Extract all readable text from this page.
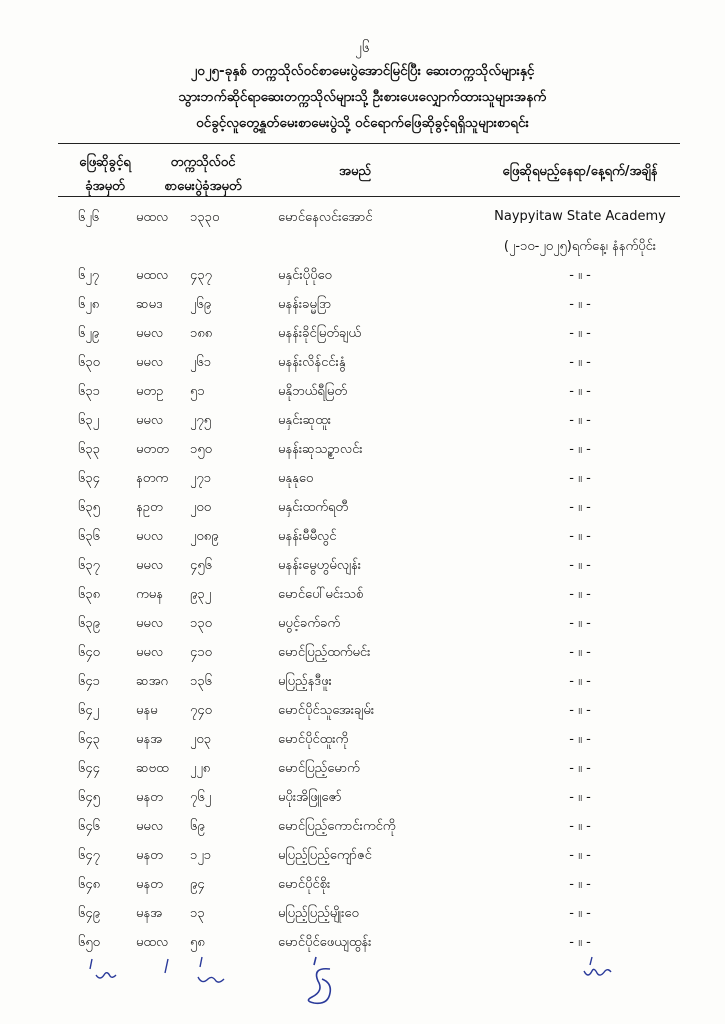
၂၆
၂၀၂၅-ခုနှစ် တက္ကသိုလ်ဝင်စာမေးပွဲအောင်မြင်ပြီး ဆေးတက္ကသိုလ်များနှင့်
သွားဘက်ဆိုင်ရာဆေးတက္ကသိုလ်များသို့ ဦးစားပေးလျှောက်ထားသူများအနက်
ဝင်ခွင့်လူတွေ့နှုတ်မေးစာမေးပွဲသို့ ဝင်ရောက်ဖြေဆိုခွင့်ရရှိသူများစာရင်း
ဖြေဆိုခွင့်ရ
ခုံအမှတ်
တက္ကသိုလ်ဝင်
စာမေးပွဲခုံအမှတ်
အမည်	ဖြေဆိုရမည့်နေရာ/နေ့ရက်/အချိန်
၆၂၆	မထလ ၁၃၃၀	မောင်နေလင်းအောင်	Naypyitaw State Academy
(၂-၁၀-၂၀၂၅)ရက်နေ့၊ နံနက်ပိုင်း
၆၂၇	မထလ ၄၃၇	မနှင်းပိုပိုဝေ	- ။ -
၆၂၈	ဆမဒ ၂၆၉	မနန်းခမ္မဒြာ	- ။ -
၆၂၉	မမလ ၁၈၈	မနန်းခိုင်မြတ်ချယ်	- ။ -
၆၃၀	မမလ ၂၆၁	မနန်းလိန်ငင်းနွံ	- ။ -
၆၃၁	မတဥ ၅၁	မနိုဘယ်ရီမြတ်	- ။ -
၆၃၂	မမလ ၂၇၅	မနှင်းဆုထူး	- ။ -
၆၃၃	မတတ ၁၅၀	မနန်းဆုသဥ္စာလင်း	- ။ -
၆၃၄	နတက ၂၇၁	မနုနုဝေ	- ။ -
၆၃၅	နဥတ ၂၀၀	မနှင်းထက်ရတီ	- ။ -
၆၃၆	မပလ ၂၀၈၉	မနန်းမီမီလွင်	- ။ -
၆၃၇	မမလ ၄၅၆	မနန်းမွေဟွမ်လျန်း	- ။ -
၆၃၈	ကမန ၉၃၂	မောင်ပေါ်မင်းသစ်	- ။ -
၆၃၉	မမလ ၁၃၀	မပွင့်ခက်ခက်	- ။ -
၆၄၀	မမလ ၄၁၀	မောင်ပြည့်ထက်မင်း	- ။ -
၆၄၁	ဆအဂ ၁၃၆	မပြည့်နဒီဖူး	- ။ -
၆၄၂	မနမ ၇၄၀	မောင်ပိုင်သူအေးချမ်း	- ။ -
၆၄၃	မနအ ၂၀၃	မောင်ပိုင်ထူးကို	- ။ -
၆၄၄	ဆဗထ ၂၂၈	မောင်ပြည့်မောက်	- ။ -
၆၄၅	မနတ ၇၆၂	မပိုးအိဖြူဇော်	- ။ -
၆၄၆	မမလ ၆၉	မောင်ပြည့်ကောင်းကင်ကို	- ။ -
၆၄၇	မနတ ၁၂၁	မပြည့်ပြည့်ကျော်ဇင်	- ။ -
၆၄၈	မနတ ၉၄	မောင်ပိုင်စိုး	- ။ -
၆၄၉	မနအ ၁၃	မပြည့်ပြည့်မျိုးဝေ	- ။ -
၆၅၀	မထလ ၅၈	မောင်ပိုင်ဖေယျထွန်း	- ။ -
